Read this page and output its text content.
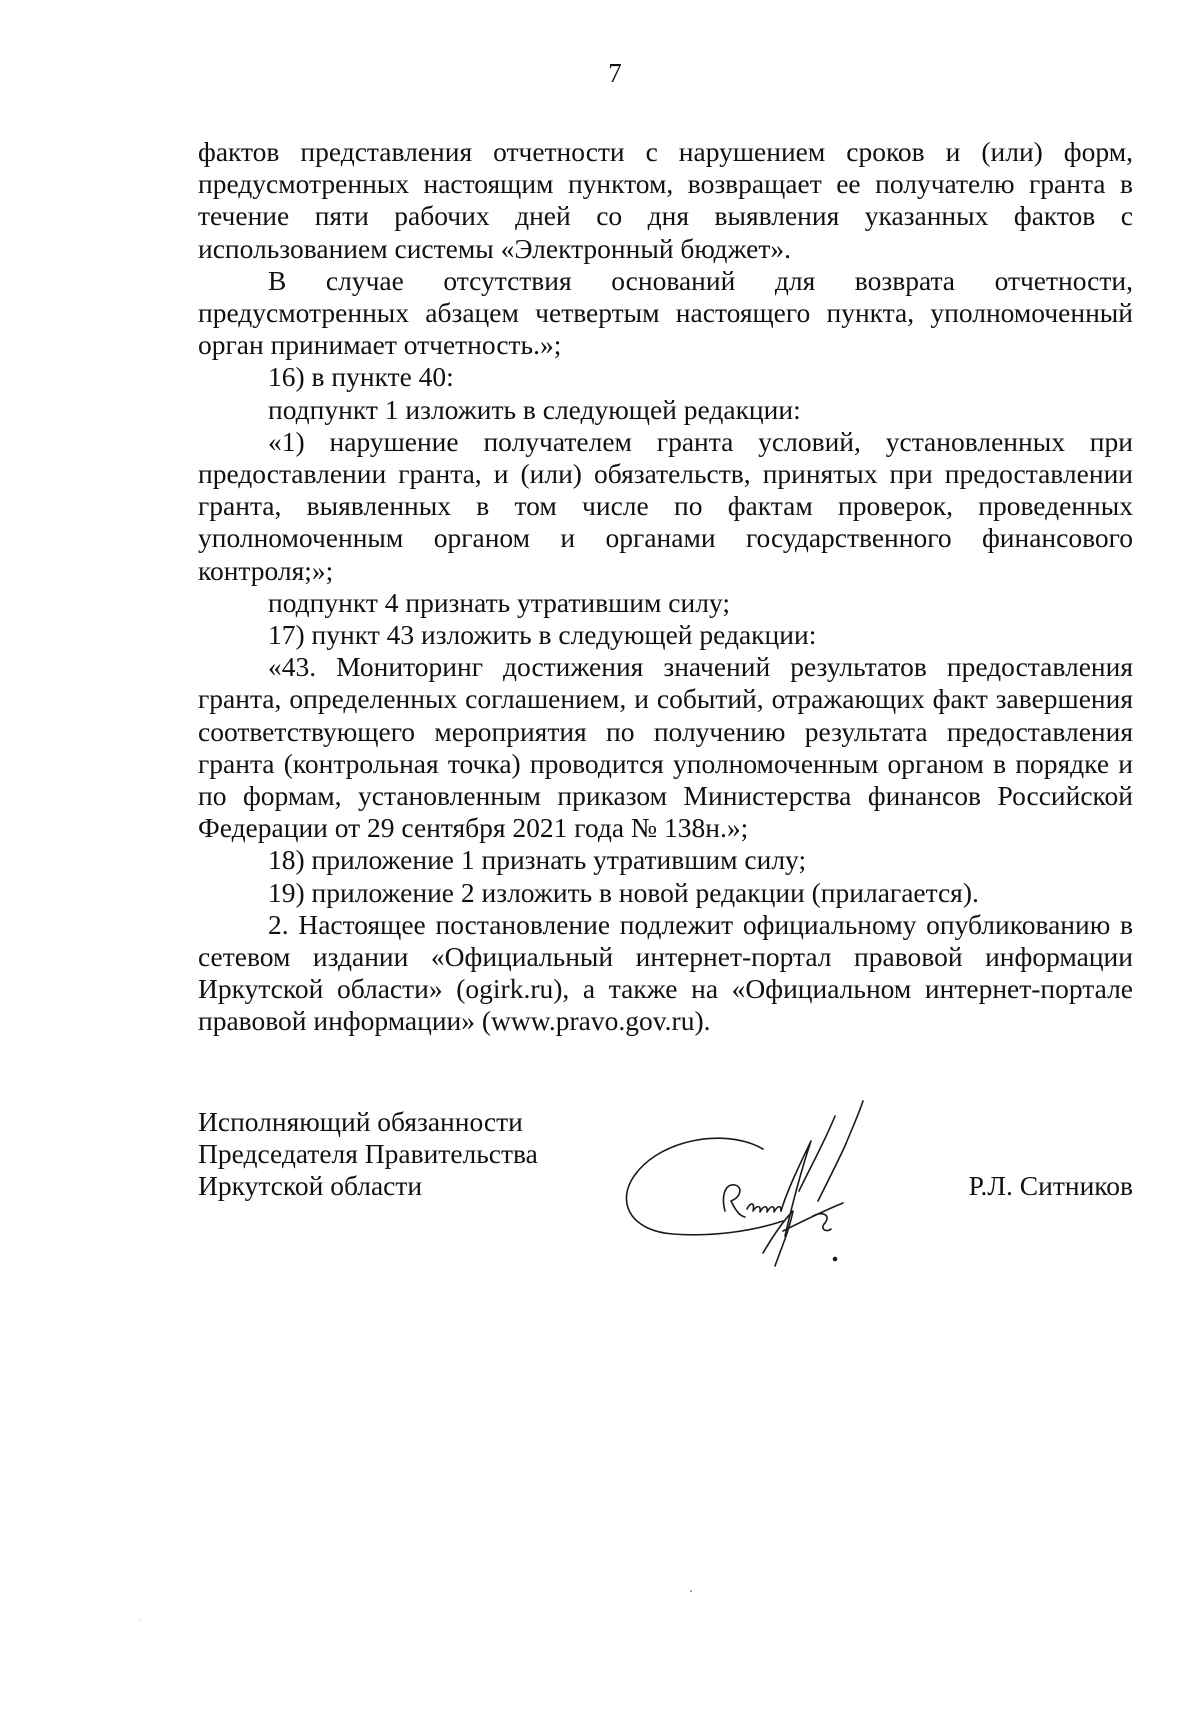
7

фактов представления отчетности с нарушением сроков и (или) форм, предусмотренных настоящим пунктом, возвращает ее получателю гранта в течение пяти рабочих дней со дня выявления указанных фактов с использованием системы «Электронный бюджет».

В случае отсутствия оснований для возврата отчетности, предусмотренных абзацем четвертым настоящего пункта, уполномоченный орган принимает отчетность.»;

16) в пункте 40:

подпункт 1 изложить в следующей редакции:

«1) нарушение получателем гранта условий, установленных при предоставлении гранта, и (или) обязательств, принятых при предоставлении гранта, выявленных в том числе по фактам проверок, проведенных уполномоченным органом и органами государственного финансового контроля;»;

подпункт 4 признать утратившим силу;

17) пункт 43 изложить в следующей редакции:

«43. Мониторинг достижения значений результатов предоставления гранта, определенных соглашением, и событий, отражающих факт завершения соответствующего мероприятия по получению результата предоставления гранта (контрольная точка) проводится уполномоченным органом в порядке и по формам, установленным приказом Министерства финансов Российской Федерации от 29 сентября 2021 года № 138н.»;

18) приложение 1 признать утратившим силу;

19) приложение 2 изложить в новой редакции (прилагается).

2. Настоящее постановление подлежит официальному опубликованию в сетевом издании «Официальный интернет-портал правовой информации Иркутской области» (ogirk.ru), а также на «Официальном интернет-портале правовой информации» (www.pravo.gov.ru).

Исполняющий обязанности
Председателя Правительства
Иркутской области	Р.Л. Ситников
